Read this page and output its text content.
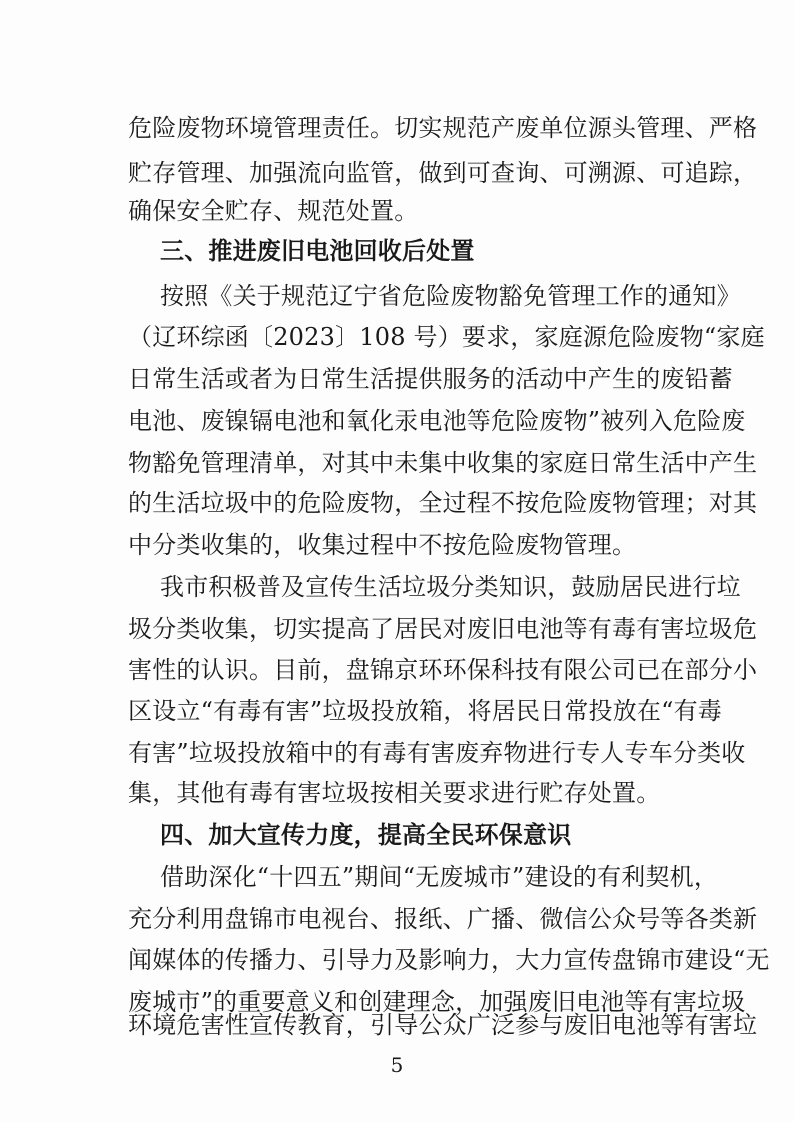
危险废物环境管理责任。切实规范产废单位源头管理、严格
贮存管理、加强流向监管，做到可查询、可溯源、可追踪，
确保安全贮存、规范处置。
三、推进废旧电池回收后处置
按照《关于规范辽宁省危险废物豁免管理工作的通知》
（辽环综函〔2023〕108 号）要求，家庭源危险废物“家庭
日常生活或者为日常生活提供服务的活动中产生的废铅蓄
电池、废镍镉电池和氧化汞电池等危险废物”被列入危险废
物豁免管理清单，对其中未集中收集的家庭日常生活中产生
的生活垃圾中的危险废物，全过程不按危险废物管理；对其
中分类收集的，收集过程中不按危险废物管理。
我市积极普及宣传生活垃圾分类知识，鼓励居民进行垃
圾分类收集，切实提高了居民对废旧电池等有毒有害垃圾危
害性的认识。目前，盘锦京环环保科技有限公司已在部分小
区设立“有毒有害”垃圾投放箱，将居民日常投放在“有毒
有害”垃圾投放箱中的有毒有害废弃物进行专人专车分类收
集，其他有毒有害垃圾按相关要求进行贮存处置。
四、加大宣传力度，提高全民环保意识
借助深化“十四五”期间“无废城市”建设的有利契机，
充分利用盘锦市电视台、报纸、广播、微信公众号等各类新
闻媒体的传播力、引导力及影响力，大力宣传盘锦市建设“无
废城市”的重要意义和创建理念，加强废旧电池等有害垃圾
环境危害性宣传教育，引导公众广泛参与废旧电池等有害垃
5
